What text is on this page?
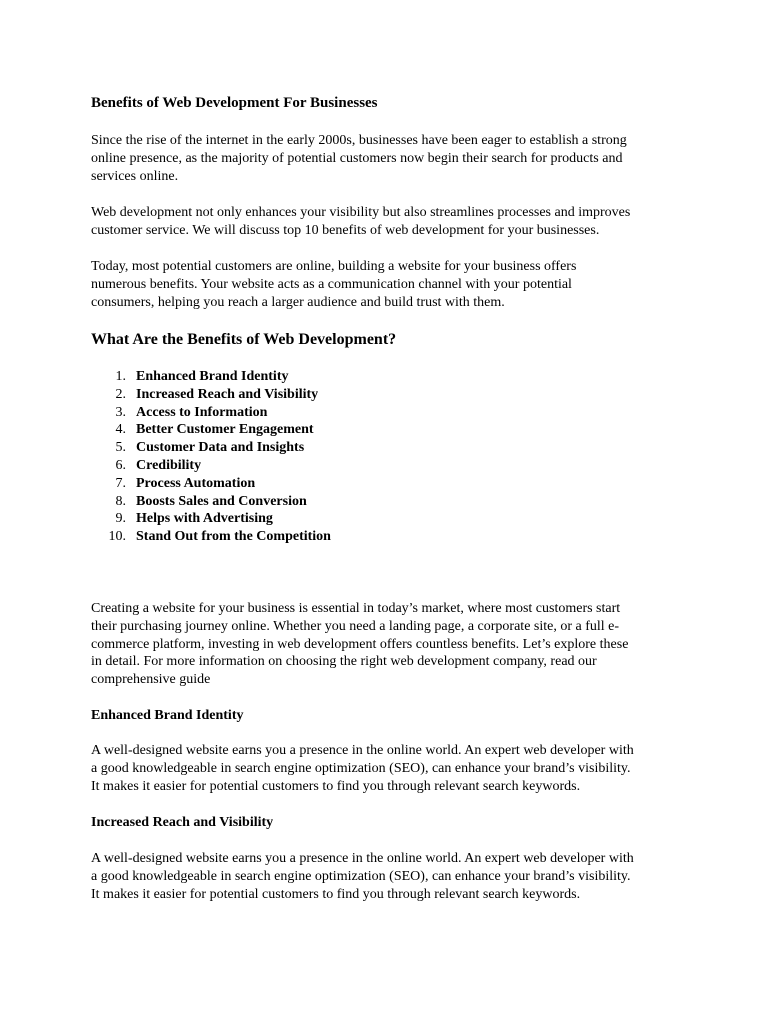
Benefits of Web Development For Businesses

Since the rise of the internet in the early 2000s, businesses have been eager to establish a strong
online presence, as the majority of potential customers now begin their search for products and
services online.

Web development not only enhances your visibility but also streamlines processes and improves
customer service. We will discuss top 10 benefits of web development for your businesses.

Today, most potential customers are online, building a website for your business offers
numerous benefits. Your website acts as a communication channel with your potential
consumers, helping you reach a larger audience and build trust with them.

What Are the Benefits of Web Development?
1. Enhanced Brand Identity
2. Increased Reach and Visibility
3. Access to Information
4. Better Customer Engagement
5. Customer Data and Insights
6. Credibility
7. Process Automation
8. Boosts Sales and Conversion
9. Helps with Advertising
10. Stand Out from the Competition

Creating a website for your business is essential in today’s market, where most customers start
their purchasing journey online. Whether you need a landing page, a corporate site, or a full e-
commerce platform, investing in web development offers countless benefits. Let’s explore these
in detail. For more information on choosing the right web development company, read our
comprehensive guide

Enhanced Brand Identity

A well-designed website earns you a presence in the online world. An expert web developer with
a good knowledgeable in search engine optimization (SEO), can enhance your brand’s visibility.
It makes it easier for potential customers to find you through relevant search keywords.

Increased Reach and Visibility

A well-designed website earns you a presence in the online world. An expert web developer with
a good knowledgeable in search engine optimization (SEO), can enhance your brand’s visibility.
It makes it easier for potential customers to find you through relevant search keywords.
